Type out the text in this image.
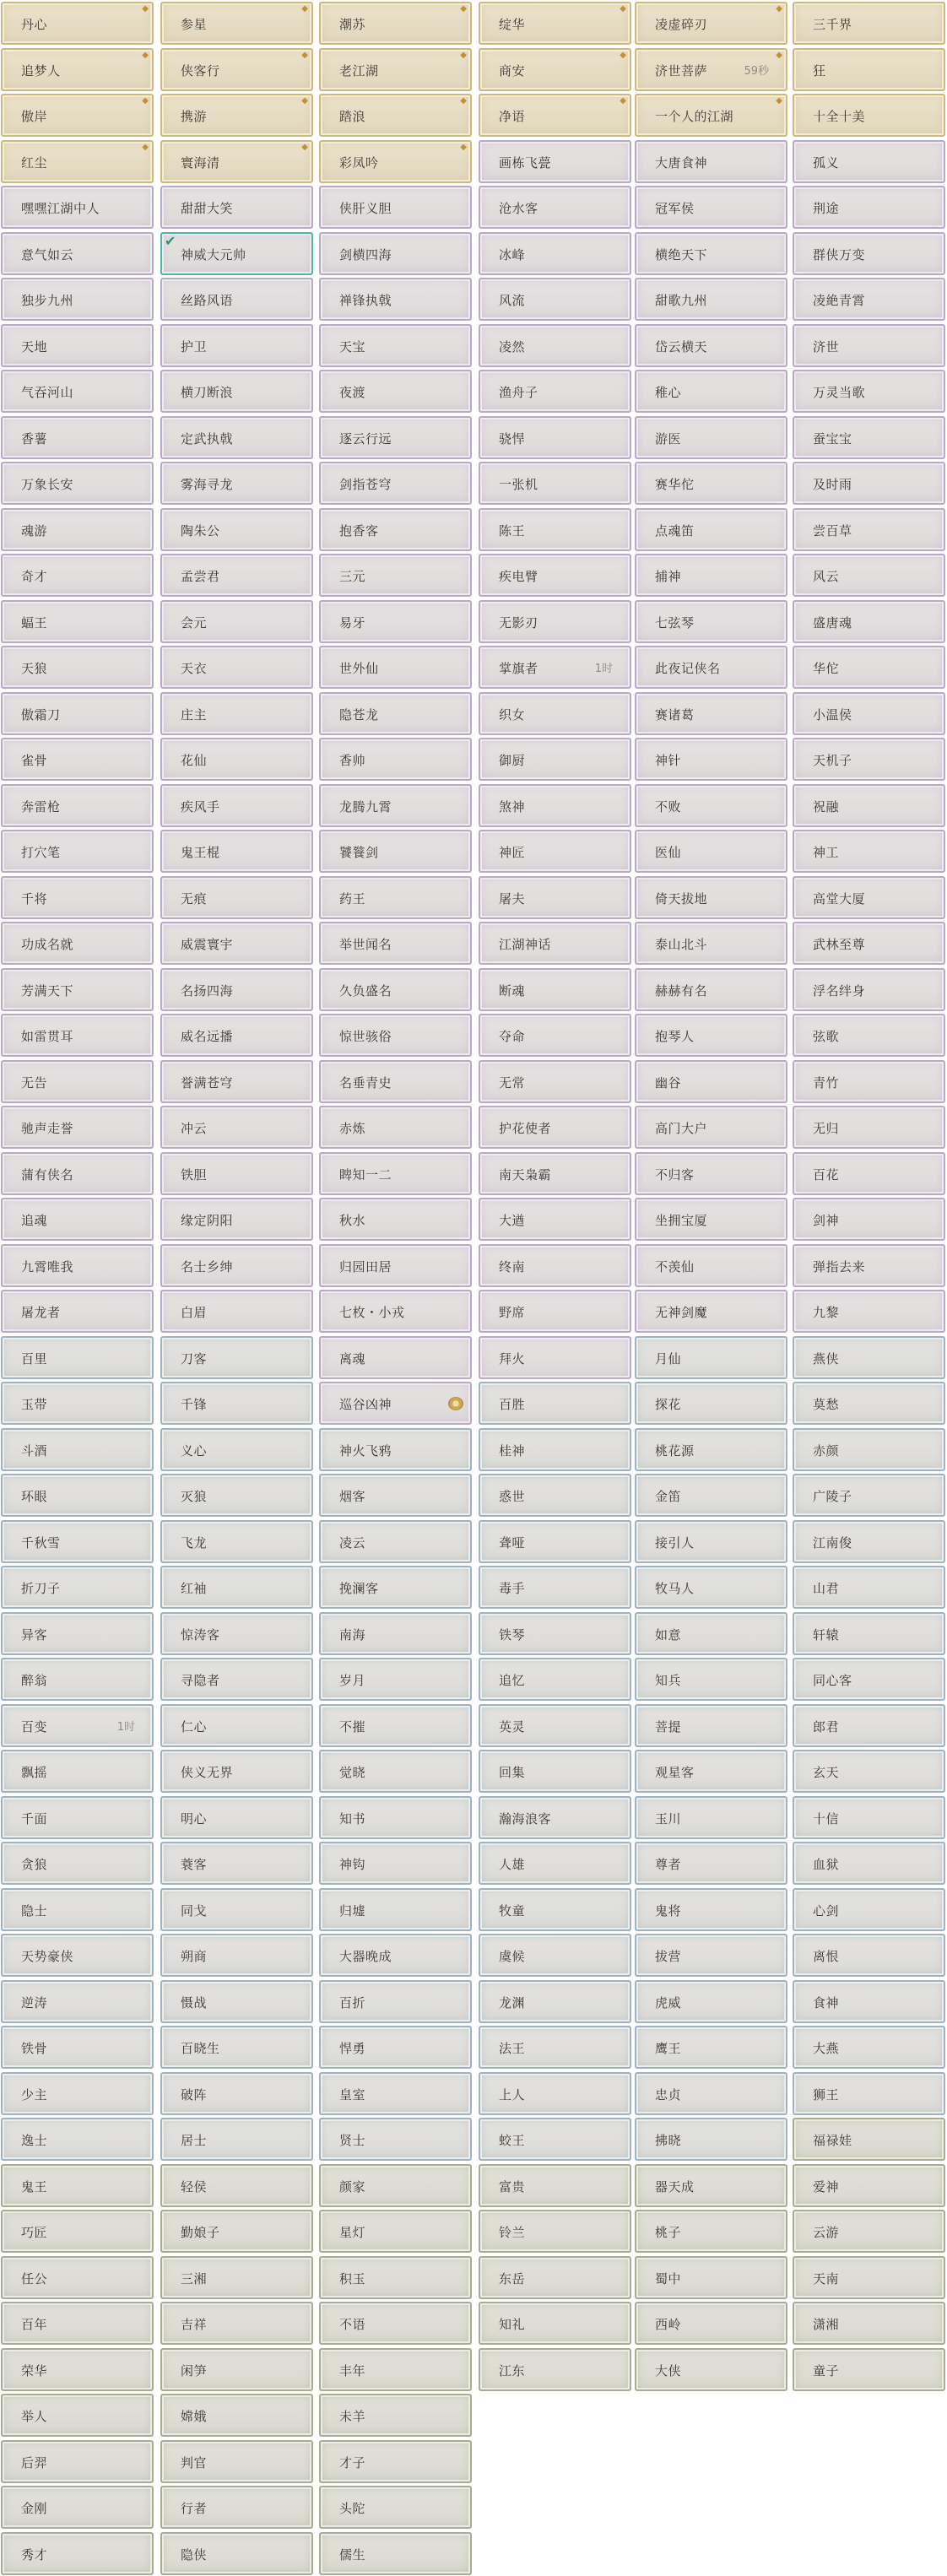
丹心
◆
追梦人
◆
傲岸
◆
红尘
◆
嘿嘿江湖中人
意气如云
独步九州
天地
气吞河山
香薯
万象长安
魂游
奇才
蝠王
天狼
傲霜刀
雀骨
奔雷枪
打穴笔
千将
功成名就
芳满天下
如雷贯耳
无告
驰声走誉
蒲有侠名
追魂
九霄唯我
屠龙者
百里
玉带
斗酒
环眼
千秋雪
折刀子
异客
醉翁
百变	1时
飘摇
千面
贪狼
隐士
天势豪侠
逆涛
铁骨
少主
逸士
鬼王
巧匠
任公
百年
荣华
举人
后羿
金刚
秀才
参星
◆
侠客行
◆
携游
◆
寰海清
◆
甜甜大笑
✔
神威大元帅
丝路风语
护卫
横刀断浪
定武执戟
雾海寻龙
陶朱公
孟尝君
会元
天衣
庄主
花仙
疾风手
鬼王棍
无痕
威震寰宇
名扬四海
威名远播
誉满苍穹
冲云
铁胆
缘定阴阳
名士乡绅
白眉
刀客
千锋
义心
灭狼
飞龙
红袖
惊涛客
寻隐者
仁心
侠义无界
明心
蓑客
同戈
朔商
慑战
百晓生
破阵
居士
轻侯
勤娘子
三湘
吉祥
闲笋
嫦娥
判官
行者
隐侠
潮苏
◆
老江湖
◆
踏浪
◆
彩凤吟
◆
侠肝义胆
剑横四海
禅锋执戟
天宝
夜渡
逐云行远
剑指苍穹
抱香客
三元
易牙
世外仙
隐苍龙
香帅
龙腾九霄
饕餮剑
药王
举世闻名
久负盛名
惊世骇俗
名垂青史
赤炼
睥知一二
秋水
归园田居
七枚・小戎
离魂
巡谷凶神
神火飞鸦
烟客
凌云
挽澜客
南海
岁月
不摧
觉晓
知书
神钩
归墟
大器晚成
百折
悍勇
皇室
贤士
颜家
星灯
积玉
不语
丰年
未羊
才子
头陀
儒生
绽华
◆
商安
◆
净语
◆
画栋飞甍
沧水客
冰峰
风流
凌然
渔舟子
骁悍
一张机
陈王
疾电臂
无影刃
掌旗者	1时
织女
御厨
煞神
神匠
屠夫
江湖神话
断魂
夺命
无常
护花使者
南天枭霸
大遒
终南
野席
拜火
百胜
桂神
惑世
聋哑
毒手
铁琴
追忆
英灵
回集
瀚海浪客
人雄
牧童
虞候
龙渊
法王
上人
蛟王
富贵
铃兰
东岳
知礼
江东
凌虚碎刃
◆
济世菩萨	59秒
◆
一个人的江湖
◆
大唐食神
冠军侯
横绝天下
甜歌九州
岱云横天
稚心
游医
赛华佗
点魂笛
捕神
七弦琴
此夜记侠名
赛诸葛
神针
不败
医仙
倚天拔地
泰山北斗
赫赫有名
抱琴人
幽谷
高门大户
不归客
坐拥宝厦
不羡仙
无神剑魔
月仙
探花
桃花源
金笛
接引人
牧马人
如意
知兵
菩提
观星客
玉川
尊者
鬼将
拔营
虎威
鹰王
忠贞
拂晓
器天成
桃子
蜀中
西岭
大侠
三千界
狂
十全十美
孤义
荆途
群侠万变
凌絶青霄
济世
万灵当歌
蚕宝宝
及时雨
尝百草
风云
盛唐魂
华佗
小温侯
天机子
祝融
神工
高堂大厦
武林至尊
浮名绊身
弦歌
青竹
无归
百花
剑神
弹指去来
九黎
燕侠
莫愁
赤颜
广陵子
江南俊
山君
轩辕
同心客
郎君
玄天
十信
血狱
心剑
离恨
食神
大燕
狮王
福禄娃
爱神
云游
天南
潇湘
童子
